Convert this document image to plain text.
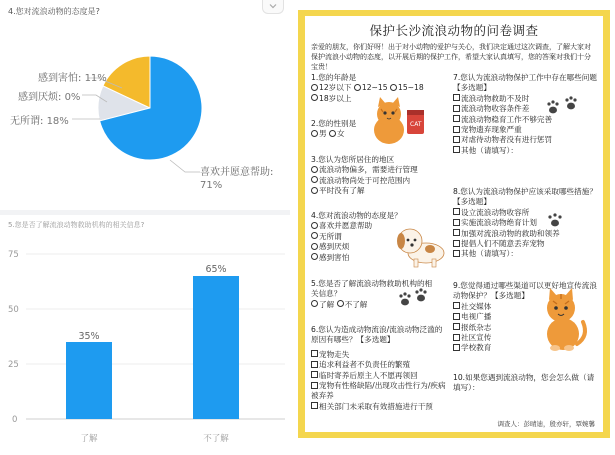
4.您对流浪动物的态度是?
感到害怕: 11%
感到厌烦: 0%
无所谓: 18%
喜欢并愿意帮助:
71%
5.您是否了解流浪动物救助机构的相关信息?
75
50
25
0
了解	不了解
35%
65%
保护长沙流浪动物的问卷调查
亲爱的朋友，你们好呀！出于对小动物的爱护与关心，我们决定通过这次调查，了解大家对保护流浪小动物的态度，以开展后期的保护工作，希望大家认真填写，您的答案对我们十分宝贵！
1.您的年龄是
12岁以下 12~15 15~18
18岁以上
2.您的性别是
男 女
3.您认为您所居住的地区
流浪动物偏多，需要进行管理
流浪动物尚处于可控范围内
平时没有了解
4.您对流浪动物的态度是？
喜欢并愿意帮助
无所谓
感到厌烦
感到害怕
5.您是否了解流浪动物救助机构的相关信息？
了解 不了解
6.您认为造成动物流浪/流浪动物泛滥的原因有哪些？【多选题】
宠物走失
追求利益者不负责任的繁殖
临时寄养后原主人不愿再领回
宠物有性格缺陷/出现攻击性行为/疾病被弃养
相关部门未采取有效措施进行干预
7.您认为流浪动物保护工作中存在哪些问题 【多选题】
流浪动物救助不及时
流浪动物收容条件差
流浪动物稳育工作不够完善
宠物遗弃现象严重
对虐待动物者没有进行惩罚
其他（请填写）：
8.您认为流浪动物保护应该采取哪些措施？【多选题】
设立流浪动物收容所
实施流浪动物绝育计划
加强对流浪动物的救助和领养
提倡人们不随意丢弃宠物
其他（请填写）：
9.您觉得通过哪些渠道可以更好地宣传流浪动物保护？【多选题】
社交媒体
电视广播
报纸杂志
社区宣传
学校教育
10.如果您遇到流浪动物，您会怎么做（请填写）：
CAT
调查人：彭晴迪，殷亦轩，覃婉馨
